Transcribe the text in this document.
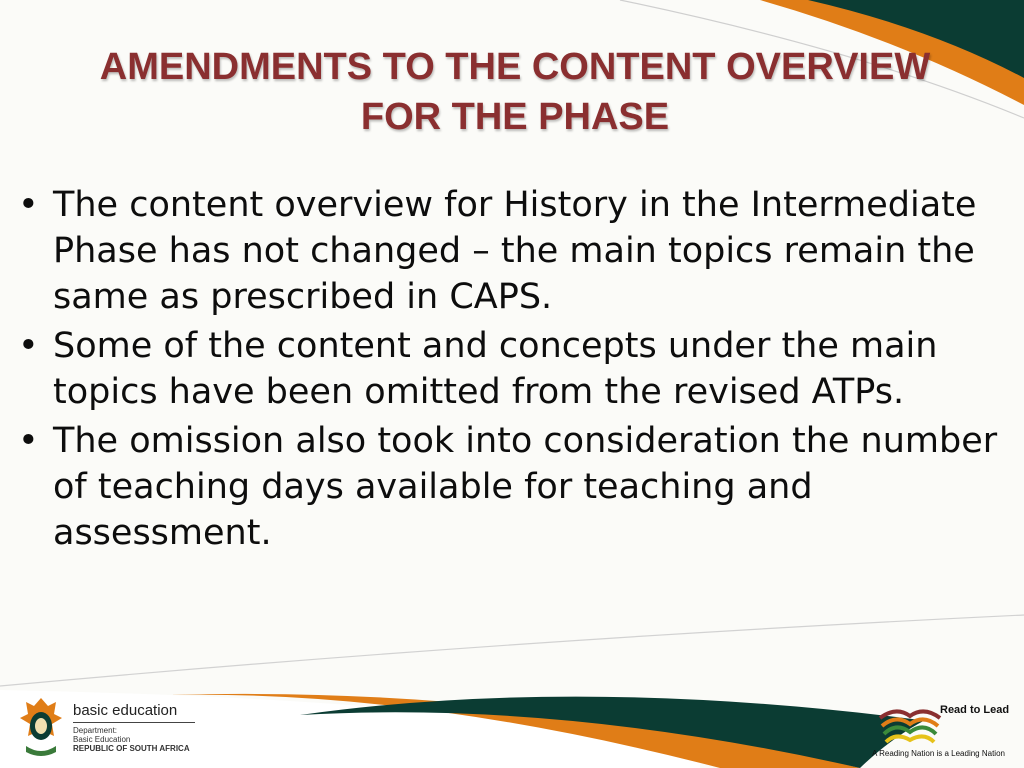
AMENDMENTS TO THE CONTENT OVERVIEW
FOR THE PHASE
• The content overview for History in the Intermediate Phase has not changed – the main topics remain the same as prescribed in CAPS.
• Some of the content and concepts under the main topics have been omitted from the revised ATPs.
• The omission also took into consideration the number of teaching days available for teaching and assessment.
basic education
Department:
Basic Education
REPUBLIC OF SOUTH AFRICA
Read to Lead
A Reading Nation is a Leading Nation
